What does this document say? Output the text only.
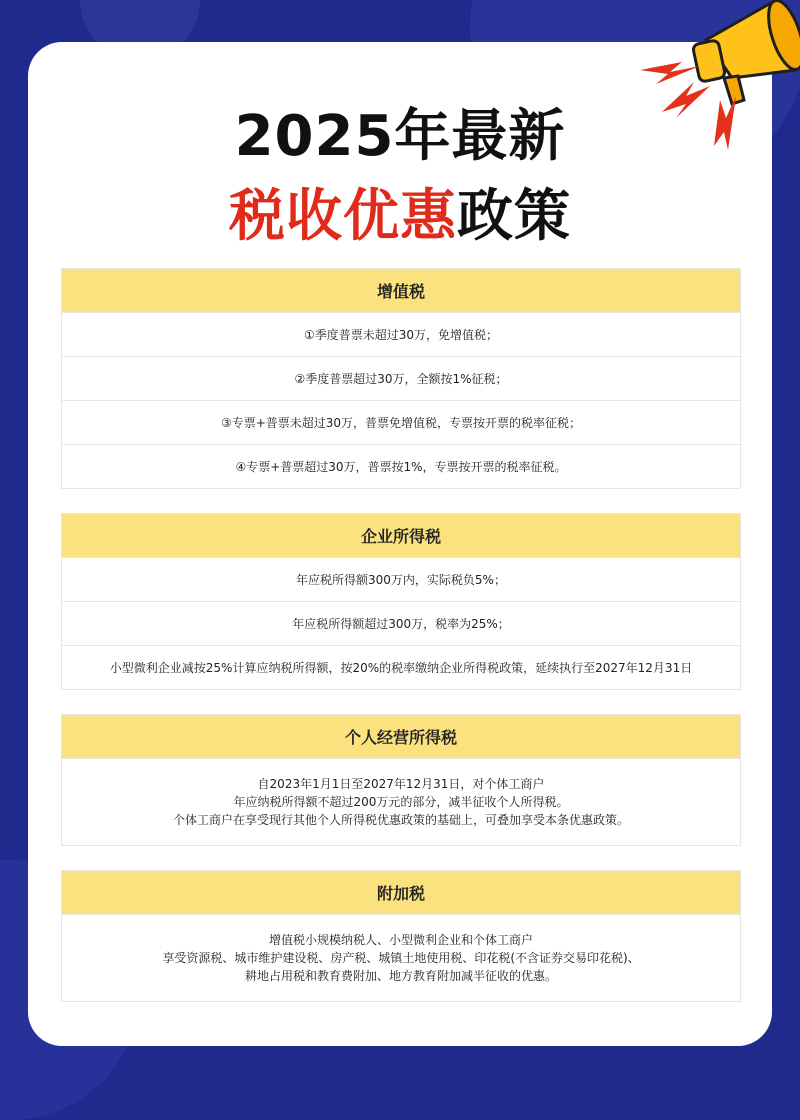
2025年最新
税收优惠政策
增值税
①季度普票未超过30万，免增值税；
②季度普票超过30万，全额按1%征税；
③专票+普票未超过30万，普票免增值税，专票按开票的税率征税；
④专票+普票超过30万，普票按1%，专票按开票的税率征税。
企业所得税
年应税所得额300万内，实际税负5%；
年应税所得额超过300万，税率为25%；
小型微利企业减按25%计算应纳税所得额，按20%的税率缴纳企业所得税政策，延续执行至2027年12月31日
个人经营所得税
自2023年1月1日至2027年12月31日，对个体工商户
年应纳税所得额不超过200万元的部分，减半征收个人所得税。
个体工商户在享受现行其他个人所得税优惠政策的基础上，可叠加享受本条优惠政策。
附加税
增值税小规模纳税人、小型微利企业和个体工商户
享受资源税、城市维护建设税、房产税、城镇土地使用税、印花税(不含证券交易印花税)、
耕地占用税和教育费附加、地方教育附加减半征收的优惠。
